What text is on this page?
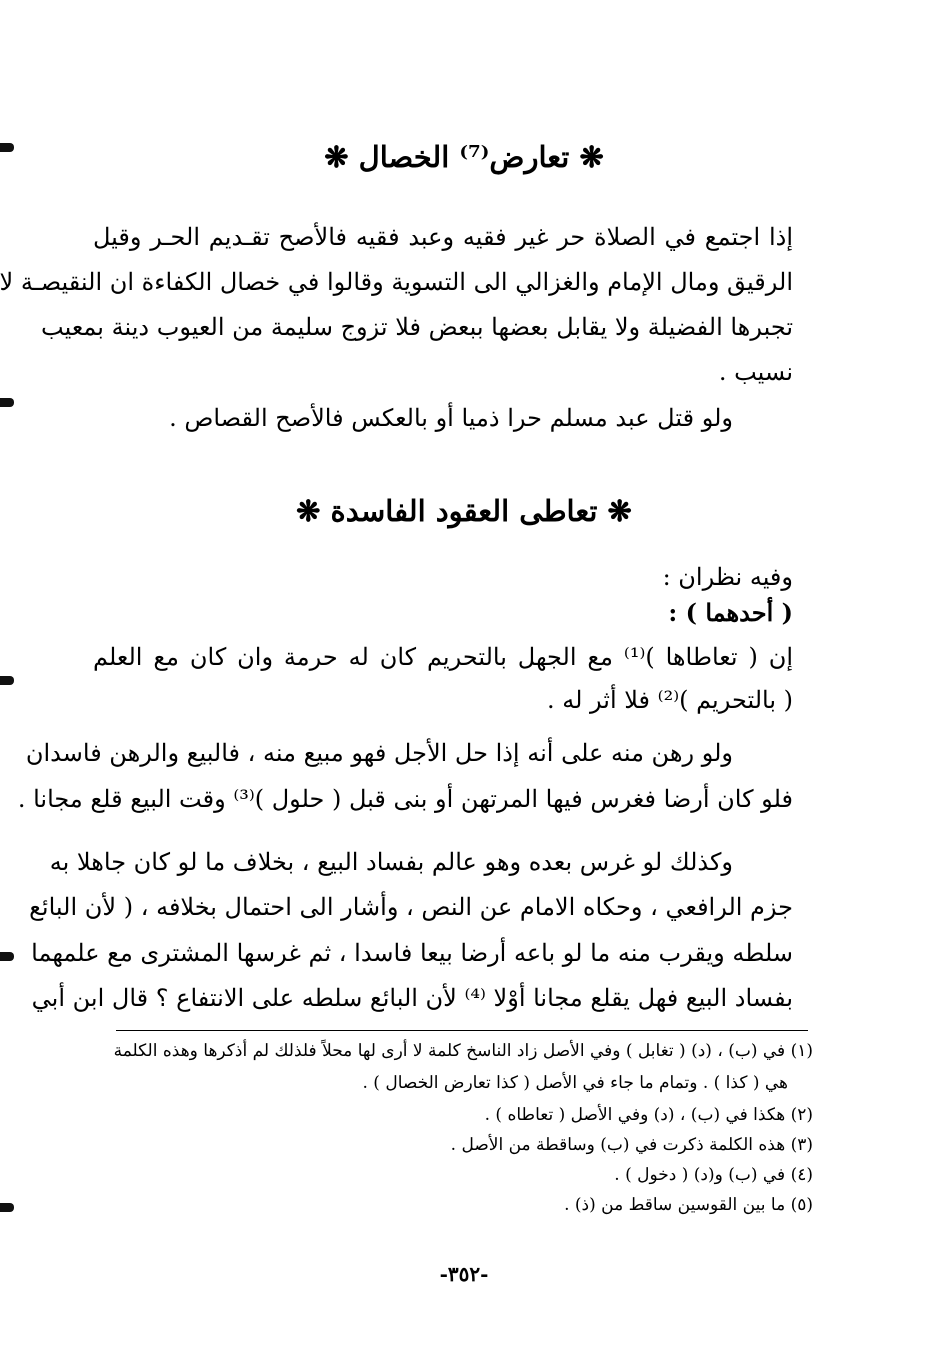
❋ تعارض⁽⁷⁾ الخصال ❋
إذا اجتمع في الصلاة حر غير فقيه وعبد فقيه فالأصح تقـديم الحـر وقيل
الرقيق ومال الإمام والغزالي الى التسوية وقالوا في خصال الكفاءة ان النقيصـة لا
تجبرها الفضيلة ولا يقابل بعضها ببعض فلا تزوج سليمة من العيوب دينة بمعيب
نسيب .
ولو قتل عبد مسلم حرا ذميا أو بالعكس فالأصح القصاص .
❋ تعاطى العقود الفاسدة ❋
وفيه نظران :
( أحدهما ) :
إن ( تعاطاها )⁽¹⁾ مع الجهل بالتحريم كان له حرمة وان كان مع العلم
( بالتحريم )⁽²⁾ فلا أثر له .
ولو رهن منه على أنه إذا حل الأجل فهو مبيع منه ، فالبيع والرهن فاسدان
فلو كان أرضا فغرس فيها المرتهن أو بنى قبل ( حلول )⁽³⁾ وقت البيع قلع مجانا .
وكذلك لو غرس بعده وهو عالم بفساد البيع ، بخلاف ما لو كان جاهلا به
جزم الرافعي ، وحكاه الامام عن النص ، وأشار الى احتمال بخلافه ، ( لأن البائع
سلطه ويقرب منه ما لو باعه أرضا بيعا فاسدا ، ثم غرسها المشترى مع علمهما
بفساد البيع فهل يقلع مجانا أوْلا ⁽⁴⁾ لأن البائع سلطه على الانتفاع ؟ قال ابن أبي
(١) في (ب) ، (د) ( تغابل ) وفي الأصل زاد الناسخ كلمة لا أرى لها محلاً فلذلك لم أذكرها وهذه الكلمة
هي ( كذا ) . وتمام ما جاء في الأصل ( كذا تعارض الخصال ) .
(٢) هكذا في (ب) ، (د) وفي الأصل ( تعاطاه ) .
(٣) هذه الكلمة ذكرت في (ب) وساقطة من الأصل .
(٤) في (ب) و(د) ( دخول ) .
(٥) ما بين القوسين ساقط من (ذ) .
-٣٥٢-
